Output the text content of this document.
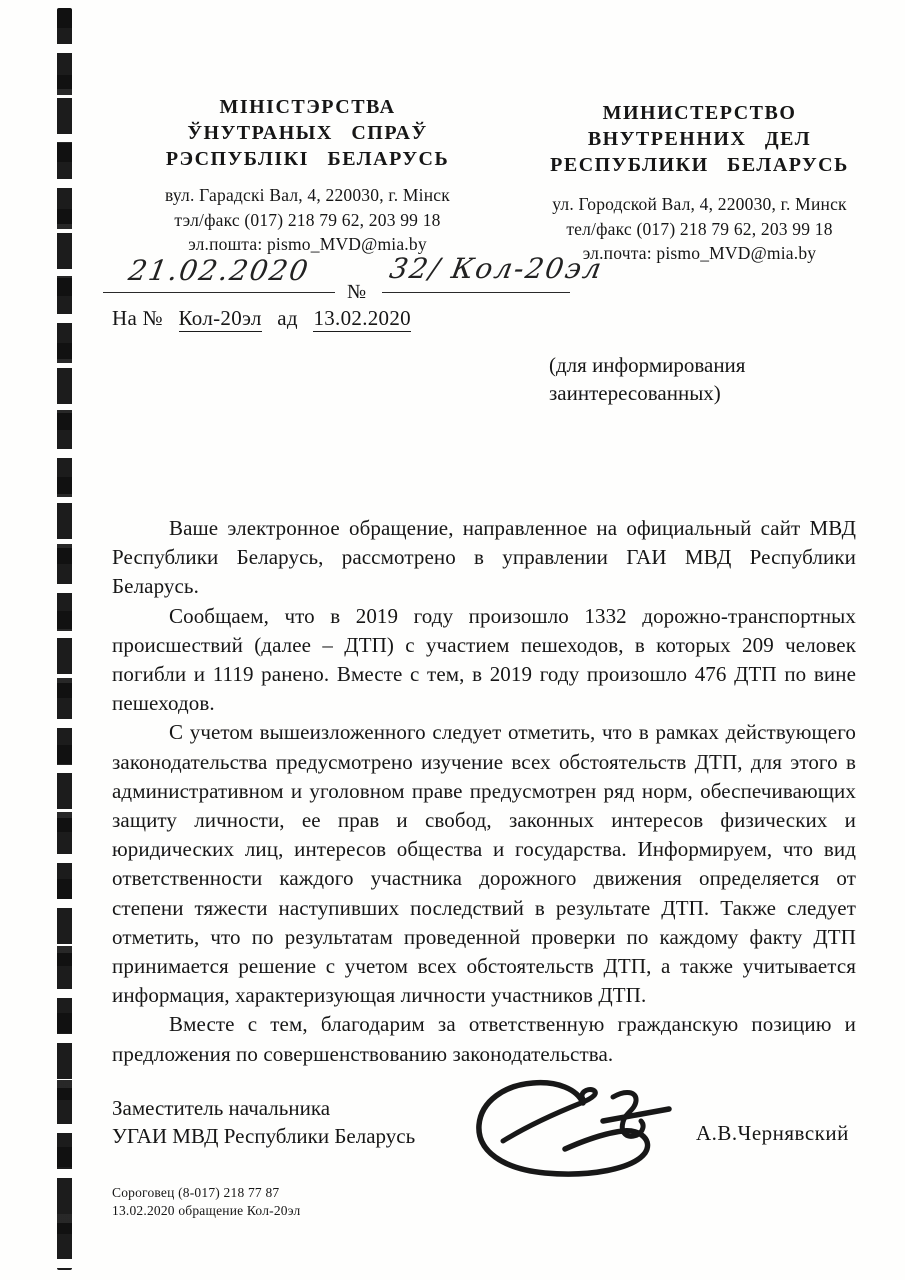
МІНІСТЭРСТВА
ЎНУТРАНЫХ СПРАЎ
РЭСПУБЛІКІ БЕЛАРУСЬ
вул. Гарадскі Вал, 4, 220030, г. Мінск
тэл/факс (017) 218 79 62, 203 99 18
эл.пошта: pismo_MVD@mia.by
МИНИСТЕРСТВО
ВНУТРЕННИХ ДЕЛ
РЕСПУБЛИКИ БЕЛАРУСЬ
ул. Городской Вал, 4, 220030, г. Минск
тел/факс (017) 218 79 62, 203 99 18
эл.почта: pismo_MVD@mia.by
21.02.2020
№
32/ Кол-20эл
На № Кол-20эл ад 13.02.2020
(для информирования
заинтересованных)

Ваше электронное обращение, направленное на официальный сайт МВД Республики Беларусь, рассмотрено в управлении ГАИ МВД Республики Беларусь.

Сообщаем, что в 2019 году произошло 1332 дорожно-транспортных происшествий (далее – ДТП) с участием пешеходов, в которых 209 человек погибли и 1119 ранено. Вместе с тем, в 2019 году произошло 476 ДТП по вине пешеходов.

С учетом вышеизложенного следует отметить, что в рамках действующего законодательства предусмотрено изучение всех обстоятельств ДТП, для этого в административном и уголовном праве предусмотрен ряд норм, обеспечивающих защиту личности, ее прав и свобод, законных интересов физических и юридических лиц, интересов общества и государства. Информируем, что вид ответственности каждого участника дорожного движения определяется от степени тяжести наступивших последствий в результате ДТП. Также следует отметить, что по результатам проведенной проверки по каждому факту ДТП принимается решение с учетом всех обстоятельств ДТП, а также учитывается информация, характеризующая личности участников ДТП.

Вместе с тем, благодарим за ответственную гражданскую позицию и предложения по совершенствованию законодательства.

Заместитель начальника
УГАИ МВД Республики Беларусь	А.В.Чернявский
Сороговец (8-017) 218 77 87
13.02.2020 обращение Кол-20эл
